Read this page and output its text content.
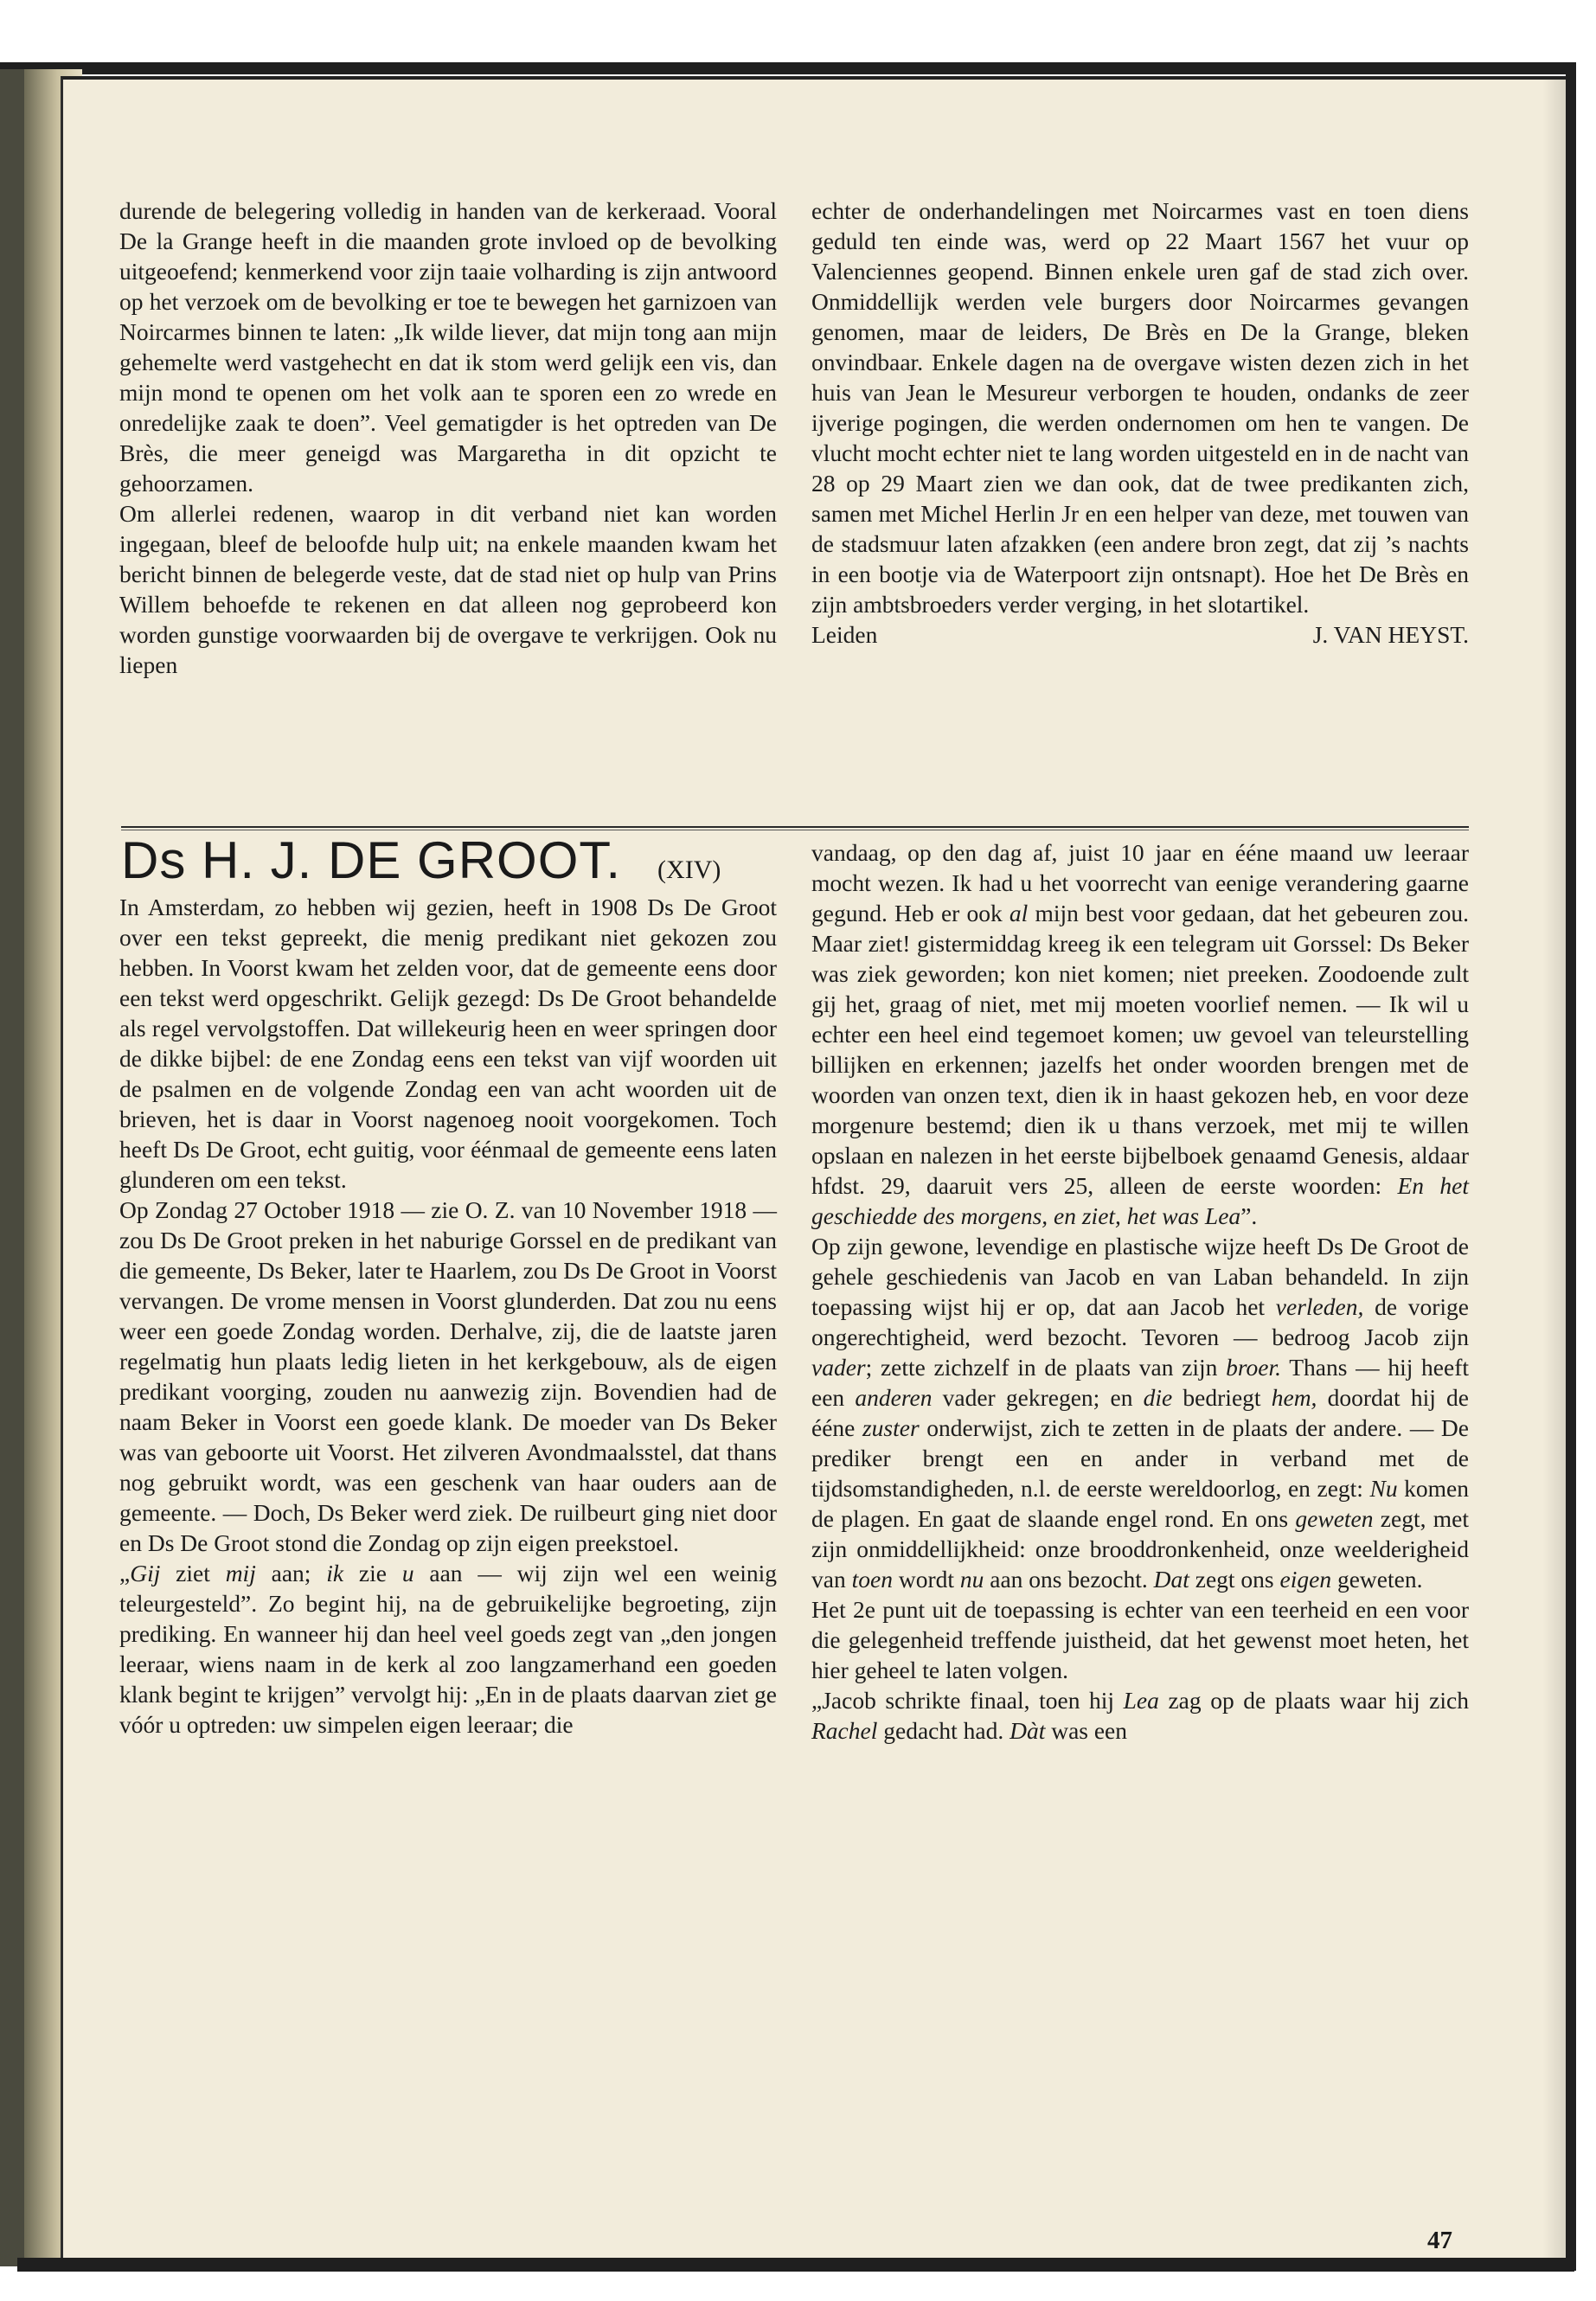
durende de belegering volledig in handen van de kerkeraad. Vooral De la Grange heeft in die maanden grote invloed op de bevolking uitgeoefend; kenmerkend voor zijn taaie volharding is zijn antwoord op het verzoek om de bevolking er toe te bewegen het garnizoen van Noircarmes binnen te laten: „Ik wilde liever, dat mijn tong aan mijn gehemelte werd vastgehecht en dat ik stom werd gelijk een vis, dan mijn mond te openen om het volk aan te sporen een zo wrede en onredelijke zaak te doen”. Veel gematigder is het optreden van De Brès, die meer geneigd was Margaretha in dit opzicht te gehoorzamen.

Om allerlei redenen, waarop in dit verband niet kan worden ingegaan, bleef de beloofde hulp uit; na enkele maanden kwam het bericht binnen de belegerde veste, dat de stad niet op hulp van Prins Willem behoefde te rekenen en dat alleen nog geprobeerd kon worden gunstige voorwaarden bij de overgave te verkrijgen. Ook nu liepen

echter de onderhandelingen met Noircarmes vast en toen diens geduld ten einde was, werd op 22 Maart 1567 het vuur op Valenciennes geopend. Binnen enkele uren gaf de stad zich over. Onmiddellijk werden vele burgers door Noircarmes gevangen genomen, maar de leiders, De Brès en De la Grange, bleken onvindbaar. Enkele dagen na de overgave wisten dezen zich in het huis van Jean le Mesureur verborgen te houden, ondanks de zeer ijverige pogingen, die werden ondernomen om hen te vangen. De vlucht mocht echter niet te lang worden uitgesteld en in de nacht van 28 op 29 Maart zien we dan ook, dat de twee predikanten zich, samen met Michel Herlin Jr en een helper van deze, met touwen van de stadsmuur laten afzakken (een andere bron zegt, dat zij ’s nachts in een bootje via de Waterpoort zijn ontsnapt). Hoe het De Brès en zijn ambtsbroeders verder verging, in het slotartikel.

Leiden	J. VAN HEYST.
Ds H. J. DE GROOT. (XIV)

In Amsterdam, zo hebben wij gezien, heeft in 1908 Ds De Groot over een tekst gepreekt, die menig predikant niet gekozen zou hebben. In Voorst kwam het zelden voor, dat de gemeente eens door een tekst werd opgeschrikt. Gelijk gezegd: Ds De Groot behandelde als regel vervolgstoffen. Dat willekeurig heen en weer springen door de dikke bijbel: de ene Zondag eens een tekst van vijf woorden uit de psalmen en de volgende Zondag een van acht woorden uit de brieven, het is daar in Voorst nagenoeg nooit voorgekomen. Toch heeft Ds De Groot, echt guitig, voor éénmaal de gemeente eens laten glunderen om een tekst.

Op Zondag 27 October 1918 — zie O. Z. van 10 November 1918 — zou Ds De Groot preken in het naburige Gorssel en de predikant van die gemeente, Ds Beker, later te Haarlem, zou Ds De Groot in Voorst vervangen. De vrome mensen in Voorst glunderden. Dat zou nu eens weer een goede Zondag worden. Derhalve, zij, die de laatste jaren regelmatig hun plaats ledig lieten in het kerkgebouw, als de eigen predikant voorging, zouden nu aanwezig zijn. Bovendien had de naam Beker in Voorst een goede klank. De moeder van Ds Beker was van geboorte uit Voorst. Het zilveren Avondmaalsstel, dat thans nog gebruikt wordt, was een geschenk van haar ouders aan de gemeente. — Doch, Ds Beker werd ziek. De ruilbeurt ging niet door en Ds De Groot stond die Zondag op zijn eigen preekstoel.

„Gij ziet mij aan; ik zie u aan — wij zijn wel een weinig teleurgesteld”. Zo begint hij, na de gebruikelijke begroeting, zijn prediking. En wanneer hij dan heel veel goeds zegt van „den jongen leeraar, wiens naam in de kerk al zoo langzamerhand een goeden klank begint te krijgen” vervolgt hij: „En in de plaats daarvan ziet ge vóór u optreden: uw simpelen eigen leeraar; die

vandaag, op den dag af, juist 10 jaar en éénе maand uw leeraar mocht wezen. Ik had u het voorrecht van eenige verandering gaarne gegund. Heb er ook al mijn best voor gedaan, dat het gebeuren zou. Maar ziet! gistermiddag kreeg ik een telegram uit Gorssel: Ds Beker was ziek geworden; kon niet komen; niet preeken. Zoodoende zult gij het, graag of niet, met mij moeten voorlief nemen. — Ik wil u echter een heel eind tegemoet komen; uw gevoel van teleurstelling billijken en erkennen; jazelfs het onder woorden brengen met de woorden van onzen text, dien ik in haast gekozen heb, en voor deze morgenure bestemd; dien ik u thans verzoek, met mij te willen opslaan en nalezen in het eerste bijbelboek genaamd Genesis, aldaar hfdst. 29, daaruit vers 25, alleen de eerste woorden: En het geschiedde des morgens, en ziet, het was Lea”.

Op zijn gewone, levendige en plastische wijze heeft Ds De Groot de gehele geschiedenis van Jacob en van Laban behandeld. In zijn toepassing wijst hij er op, dat aan Jacob het verleden, de vorige ongerechtigheid, werd bezocht. Tevoren — bedroog Jacob zijn vader; zette zichzelf in de plaats van zijn broer. Thans — hij heeft een anderen vader gekregen; en die bedriegt hem, doordat hij de éénе zuster onderwijst, zich te zetten in de plaats der andere. — De prediker brengt een en ander in verband met de tijdsomstandigheden, n.l. de eerste wereldoorlog, en zegt: Nu komen de plagen. En gaat de slaande engel rond. En ons geweten zegt, met zijn onmiddellijkheid: onze brooddronkenheid, onze weelderigheid van toen wordt nu aan ons bezocht. Dat zegt ons eigen geweten.

Het 2e punt uit de toepassing is echter van een teerheid en een voor die gelegenheid treffende juistheid, dat het gewenst moet heten, het hier geheel te laten volgen.

„Jacob schrikte finaal, toen hij Lea zag op de plaats waar hij zich Rachel gedacht had. Dàt was een

47
